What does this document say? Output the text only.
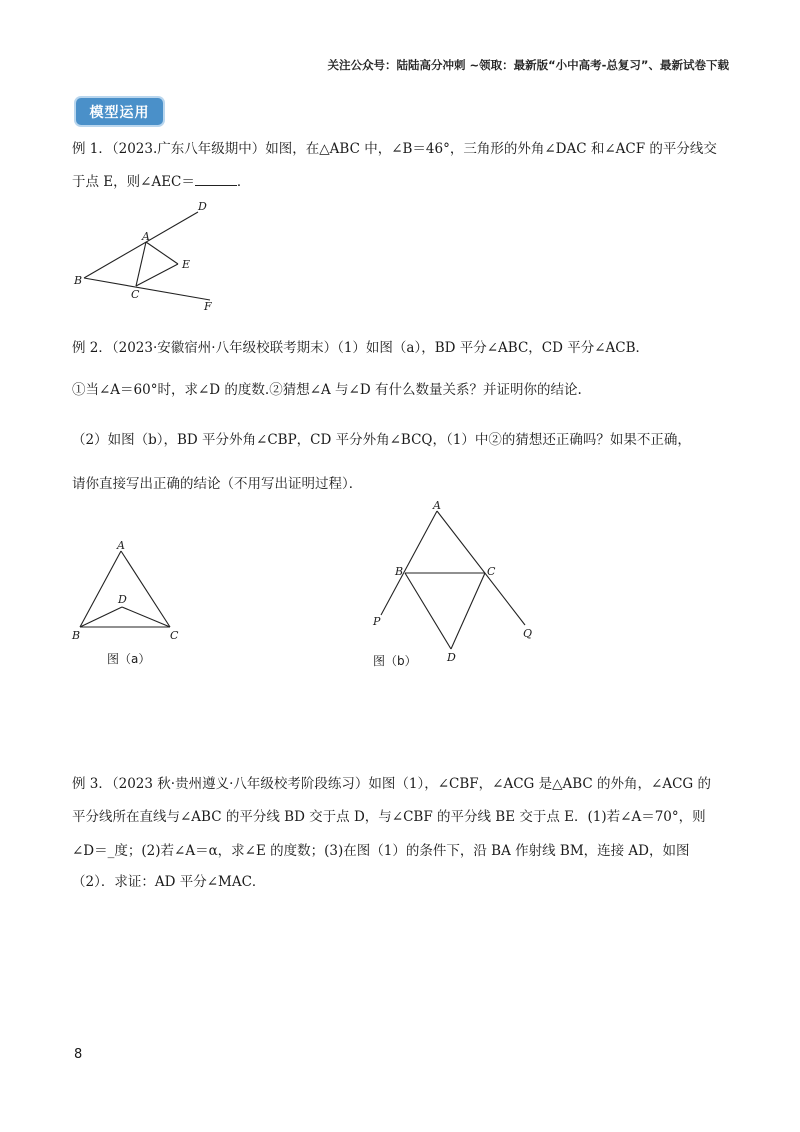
关注公众号：陆陆高分冲刺 ~领取：最新版“小中高考-总复习”、最新试卷下载
模型运用
例 1．（2023.广东八年级期中）如图，在△ABC 中，∠B＝46°，三角形的外角∠DAC 和∠ACF 的平分线交
于点 E，则∠AEC＝	．
D
A
E
B
C
F
例 2．（2023·安徽宿州·八年级校联考期末）（1）如图（a），BD 平分∠ABC，CD 平分∠ACB．
①当∠A＝60°时，求∠D 的度数.②猜想∠A 与∠D 有什么数量关系？并证明你的结论.
（2）如图（b），BD 平分外角∠CBP，CD 平分外角∠BCQ，（1）中②的猜想还正确吗？如果不正确，
请你直接写出正确的结论（不用写出证明过程）．
A
D
B	C
图（a）
A
B	C
P
Q
图（b）	D
例 3．（2023 秋·贵州遵义·八年级校考阶段练习）如图（1），∠CBF，∠ACG 是△ABC 的外角，∠ACG 的
平分线所在直线与∠ABC 的平分线 BD 交于点 D，与∠CBF 的平分线 BE 交于点 E．(1)若∠A＝70°，则
∠D＝_度；(2)若∠A＝α，求∠E 的度数；(3)在图（1）的条件下，沿 BA 作射线 BM，连接 AD，如图
（2）．求证：AD 平分∠MAC．
8
